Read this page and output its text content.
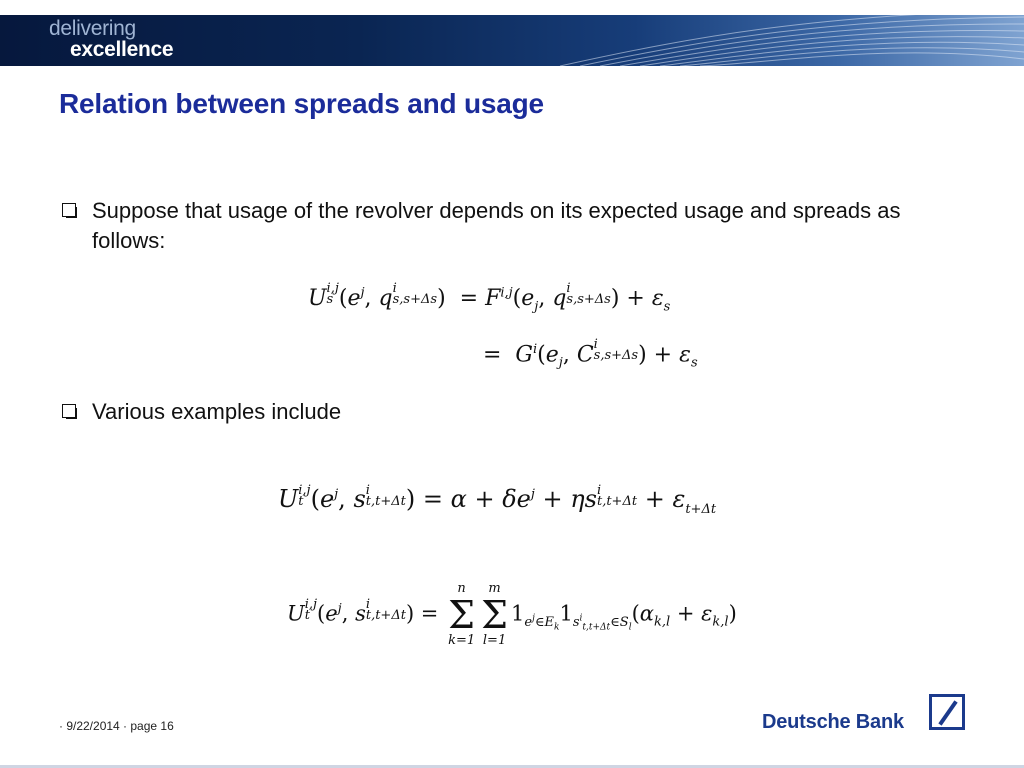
delivering
excellence
Relation between spreads and usage
Suppose that usage of the revolver depends on its expected usage and spreads as follows:
U $^{i,j}$
$_s$ ($e^j$, q $^i$
$_{s,s+\Delta s}$ )  = $F^{i,j}(e_j$, q $^i$
$_{s,s+\Delta s}$ ) + $\varepsilon_s$
=  $G^i(e_j$, C $^i$
$_{s,s+\Delta s}$ ) + $\varepsilon_s$
Various examples include
U $^{i,j}$
$_t$ ($e^j$, s $^i$
$_{t,t+\Delta t}$ ) = $\alpha + \delta e^j + \eta s$ $^i$
$_{t,t+\Delta t} + \varepsilon_{t+\Delta t}$
U $^{i,j}$
$_t$ ($e^j$, s $^i$
$_{t,t+\Delta t}$ ) =
n
Σ
k=1
m
Σ
l=1
$1_{e^j\in E_k}1_{s^i_{t,t+\Delta t}\in S_l}(\alpha_{k,l} + \varepsilon_{k,l})$
· 9/22/2014 · page 16	Deutsche Bank
